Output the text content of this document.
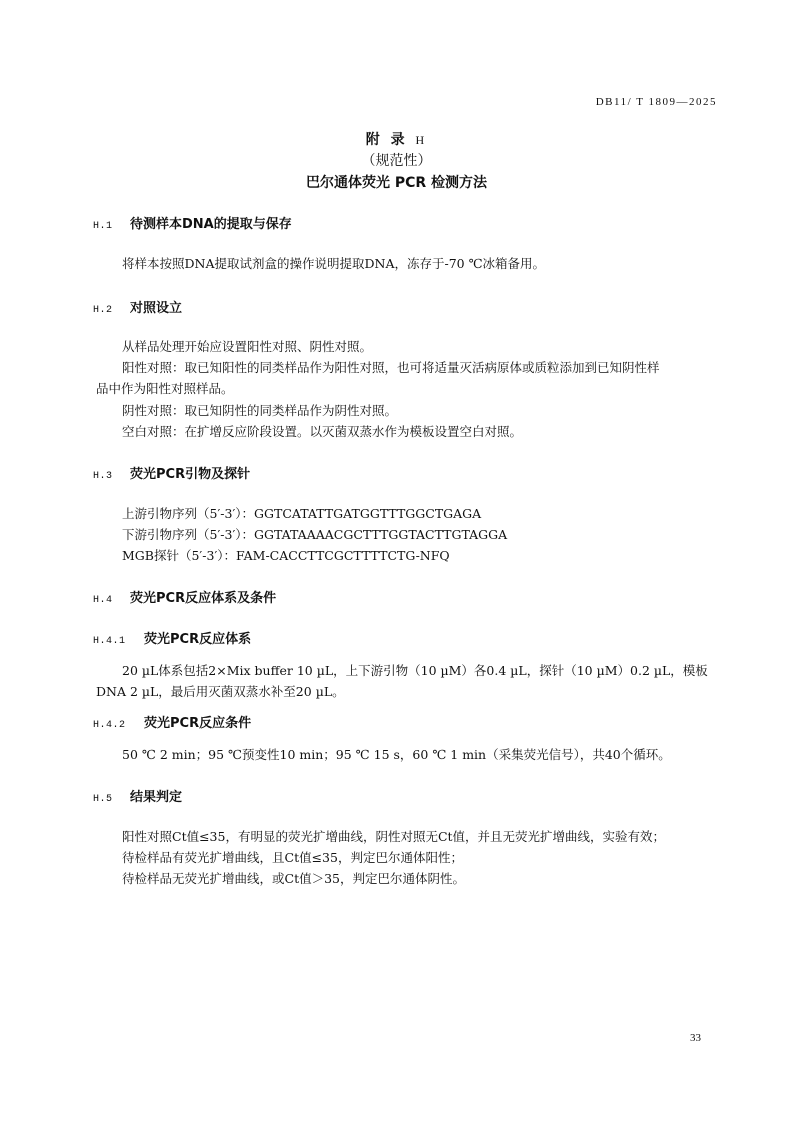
DB11/ T 1809—2025
附 录 H
（规范性）
巴尔通体荧光 PCR 检测方法
H.1 待测样本DNA的提取与保存
将样本按照DNA提取试剂盒的操作说明提取DNA，冻存于-70 ℃冰箱备用。
H.2 对照设立
从样品处理开始应设置阳性对照、阴性对照。
阳性对照：取已知阳性的同类样品作为阳性对照，也可将适量灭活病原体或质粒添加到已知阴性样
品中作为阳性对照样品。
阴性对照：取已知阴性的同类样品作为阴性对照。
空白对照：在扩增反应阶段设置。以灭菌双蒸水作为模板设置空白对照。
H.3 荧光PCR引物及探针
上游引物序列（5′-3′）：GGTCATATTGATGGTTTGGCTGAGA
下游引物序列（5′-3′）：GGTATAAAACGCTTTGGTACTTGTAGGA
MGB探针（5′-3′）：FAM-CACCTTCGCTTTTCTG-NFQ
H.4 荧光PCR反应体系及条件
H.4.1 荧光PCR反应体系
20 µL体系包括2×Mix buffer 10 µL，上下游引物（10 µM）各0.4 µL，探针（10 µM）0.2 µL，模板
DNA 2 µL，最后用灭菌双蒸水补至20 µL。
H.4.2 荧光PCR反应条件
50 ℃ 2 min；95 ℃预变性10 min；95 ℃ 15 s，60 ℃ 1 min（采集荧光信号），共40个循环。
H.5 结果判定
阳性对照Ct值≤35，有明显的荧光扩增曲线，阴性对照无Ct值，并且无荧光扩增曲线，实验有效；
待检样品有荧光扩增曲线，且Ct值≤35，判定巴尔通体阳性；
待检样品无荧光扩增曲线，或Ct值＞35，判定巴尔通体阴性。
33
